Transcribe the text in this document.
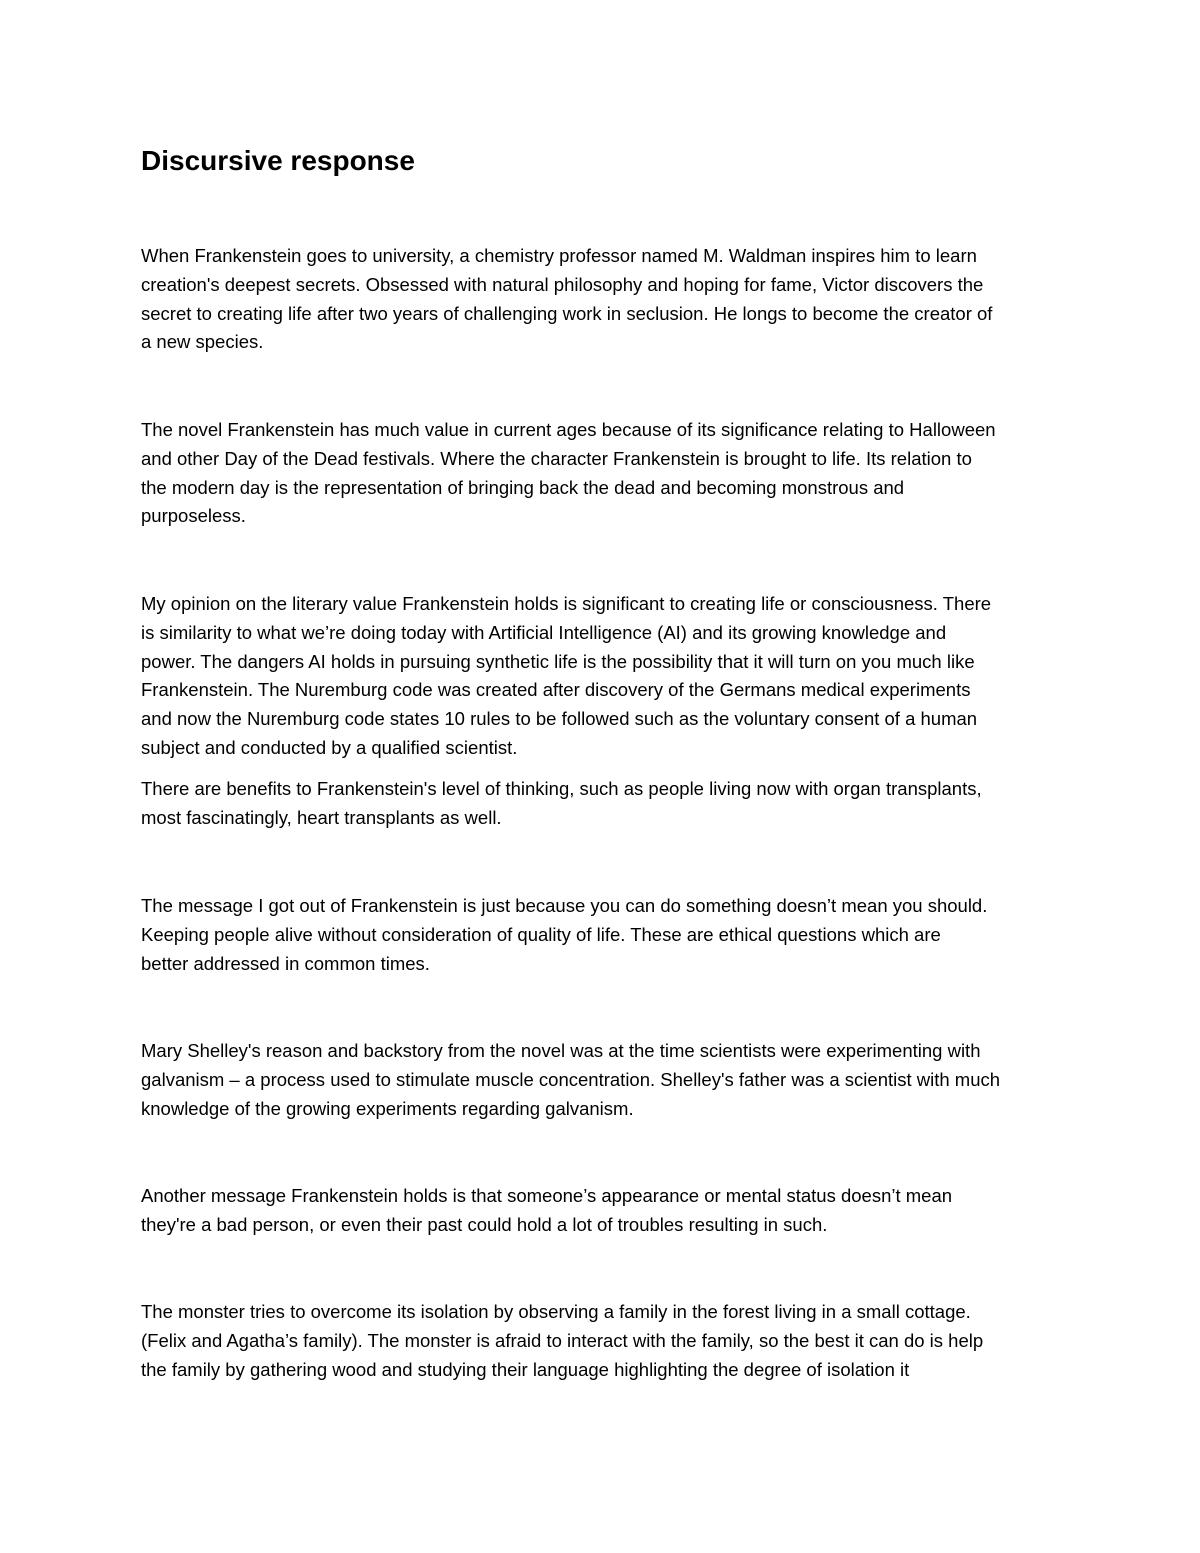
Discursive response

When Frankenstein goes to university, a chemistry professor named M. Waldman inspires him to learn
creation's deepest secrets. Obsessed with natural philosophy and hoping for fame, Victor discovers the
secret to creating life after two years of challenging work in seclusion. He longs to become the creator of
a new species.

The novel Frankenstein has much value in current ages because of its significance relating to Halloween
and other Day of the Dead festivals. Where the character Frankenstein is brought to life. Its relation to
the modern day is the representation of bringing back the dead and becoming monstrous and
purposeless.

My opinion on the literary value Frankenstein holds is significant to creating life or consciousness. There
is similarity to what we’re doing today with Artificial Intelligence (AI) and its growing knowledge and
power. The dangers AI holds in pursuing synthetic life is the possibility that it will turn on you much like
Frankenstein. The Nuremburg code was created after discovery of the Germans medical experiments
and now the Nuremburg code states 10 rules to be followed such as the voluntary consent of a human
subject and conducted by a qualified scientist.

There are benefits to Frankenstein's level of thinking, such as people living now with organ transplants,
most fascinatingly, heart transplants as well.

The message I got out of Frankenstein is just because you can do something doesn’t mean you should.
Keeping people alive without consideration of quality of life. These are ethical questions which are
better addressed in common times.

Mary Shelley's reason and backstory from the novel was at the time scientists were experimenting with
galvanism – a process used to stimulate muscle concentration. Shelley's father was a scientist with much
knowledge of the growing experiments regarding galvanism.

Another message Frankenstein holds is that someone’s appearance or mental status doesn’t mean
they're a bad person, or even their past could hold a lot of troubles resulting in such.

The monster tries to overcome its isolation by observing a family in the forest living in a small cottage.
(Felix and Agatha’s family). The monster is afraid to interact with the family, so the best it can do is help
the family by gathering wood and studying their language highlighting the degree of isolation it
